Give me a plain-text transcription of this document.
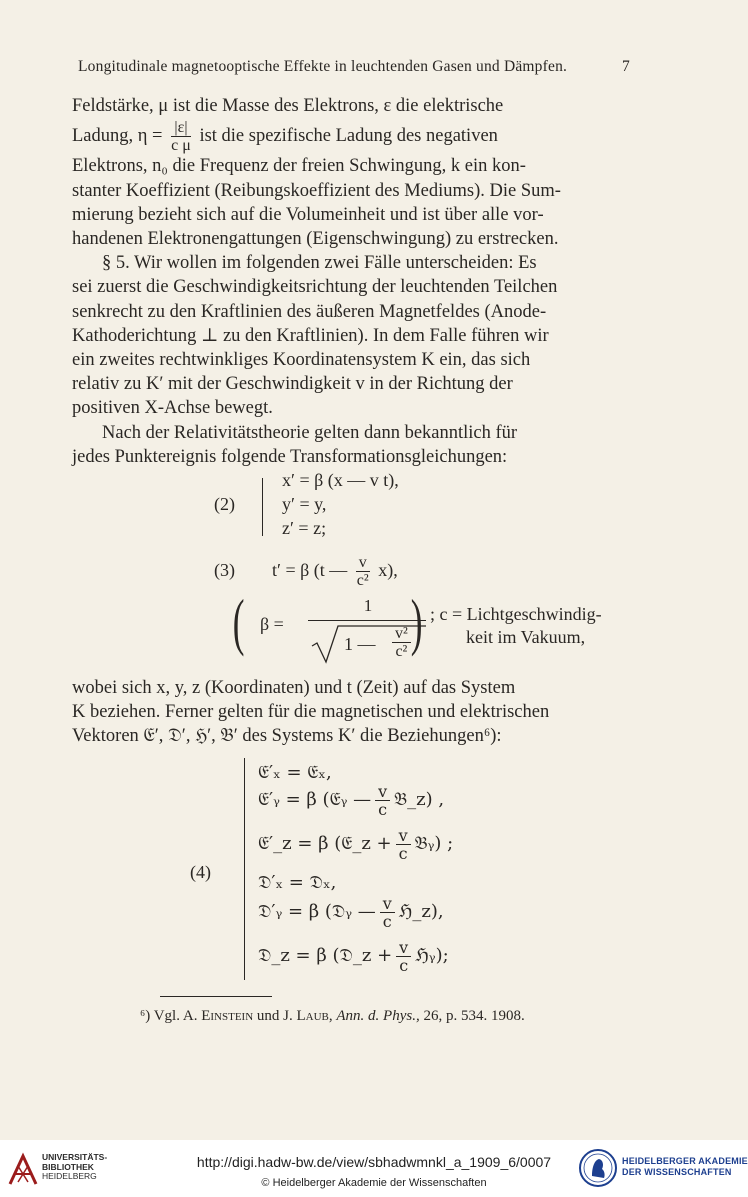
Longitudinale magnetooptische Effekte in leuchtenden Gasen und Dämpfen.	7

Feldstärke, μ ist die Masse des Elektrons, ε die elektrische

Ladung, $\eta = \frac{|\varepsilon|}{\text{c μ}}$ ist die spezifische Ladung des negativen

Elektrons, n₀ die Frequenz der freien Schwingung, k ein kon-

stanter Koeffizient (Reibungskoeffizient des Mediums). Die Sum-

mierung bezieht sich auf die Volumeinheit und ist über alle vor-

handenen Elektronengattungen (Eigenschwingung) zu erstrecken.

§ 5. Wir wollen im folgenden zwei Fälle unterscheiden: Es

sei zuerst die Geschwindigkeitsrichtung der leuchtenden Teilchen

senkrecht zu den Kraftlinien des äußeren Magnetfeldes (Anode-

Kathoderichtung ⊥ zu den Kraftlinien). In dem Falle führen wir

ein zweites rechtwinkliges Koordinatensystem K ein, das sich

relativ zu K′ mit der Geschwindigkeit v in der Richtung der

positiven X-Achse bewegt.

Nach der Relativitätstheorie gelten dann bekanntlich für

jedes Punktereignis folgende Transformationsgleichungen:

(2)
x′ = β (x — v t),
y′ = y,
z′ = z;
(3) t′ = β (t — $\frac{v}{\text{c²}} x$),
( β =
1
1 — $\frac{\text{v²}}{\text{c²}}$ ) ; c = Lichtgeschwindig-
keit im Vakuum,

wobei sich x, y, z (Koordinaten) und t (Zeit) auf das System

K beziehen. Ferner gelten für die magnetischen und elektrischen

Vektoren 𝔈′, 𝔇′, ℌ′, 𝔅′ des Systems K′ die Beziehungen⁶):

(4)
𝔈′ₓ = 𝔈ₓ,
𝔈′ᵧ = β (𝔈ᵧ — $\frac{v}{c}$ 𝔅_z) ,
𝔈′_z = β (𝔈_z + $\frac{v}{c}$ 𝔅ᵧ) ;
𝔇′ₓ = 𝔇ₓ,
𝔇′ᵧ = β (𝔇ᵧ — $\frac{v}{c}$ ℌ_z),
𝔇_z = β (𝔇_z + $\frac{v}{c}$ ℌᵧ);
⁶) Vgl. A. Einstein und J. Laub, Ann. d. Phys., 26, p. 534. 1908.
UNIVERSITÄTS-
BIBLIOTHEK
HEIDELBERG
http://digi.hadw-bw.de/view/sbhadwmnkl_a_1909_6/0007
© Heidelberger Akademie der Wissenschaften
HEIDELBERGER AKADEMIE
DER WISSENSCHAFTEN
